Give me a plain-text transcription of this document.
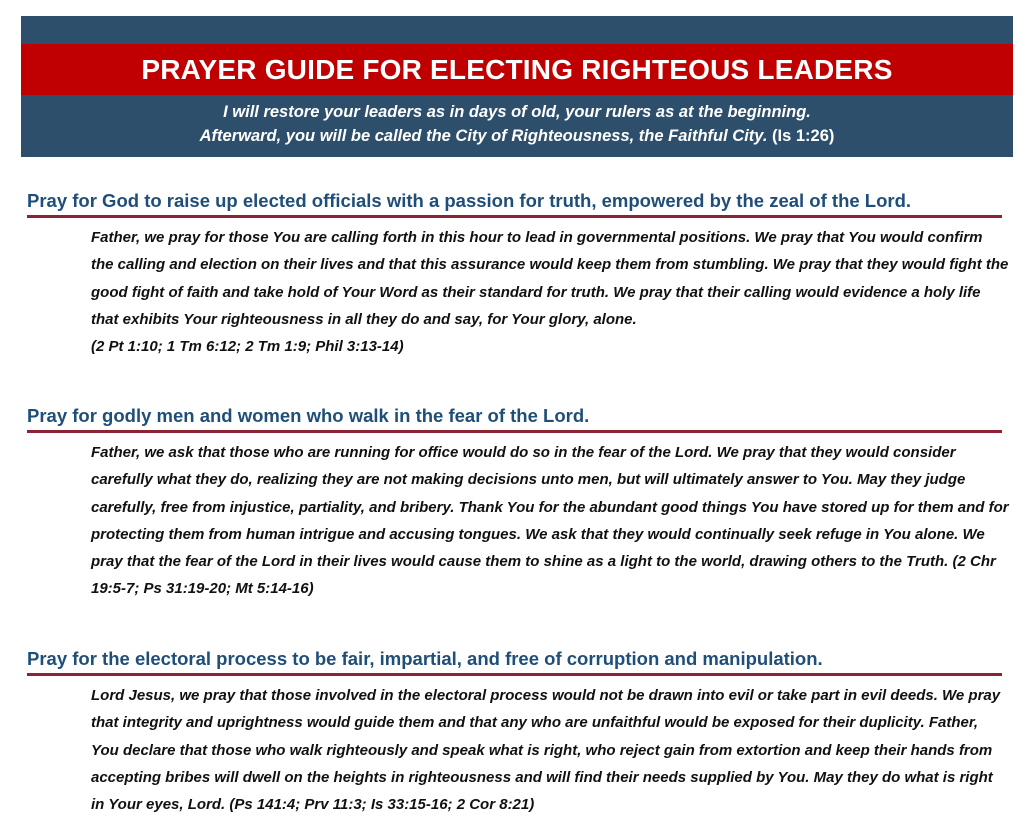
PRAYER GUIDE FOR ELECTING RIGHTEOUS LEADERS
I will restore your leaders as in days of old, your rulers as at the beginning.
Afterward, you will be called the City of Righteousness, the Faithful City. (Is 1:26)
Pray for God to raise up elected officials with a passion for truth, empowered by the zeal of the Lord.

Father, we pray for those You are calling forth in this hour to lead in governmental positions. We pray that You would confirm the calling and election on their lives and that this assurance would keep them from stumbling. We pray that they would fight the good fight of faith and take hold of Your Word as their standard for truth. We pray that their calling would evidence a holy life that exhibits Your righteousness in all they do and say, for Your glory, alone.

(2 Pt 1:10; 1 Tm 6:12; 2 Tm 1:9; Phil 3:13-14)

Pray for godly men and women who walk in the fear of the Lord.

Father, we ask that those who are running for office would do so in the fear of the Lord. We pray that they would consider carefully what they do, realizing they are not making decisions unto men, but will ultimately answer to You. May they judge carefully, free from injustice, partiality, and bribery. Thank You for the abundant good things You have stored up for them and for protecting them from human intrigue and accusing tongues. We ask that they would continually seek refuge in You alone. We pray that the fear of the Lord in their lives would cause them to shine as a light to the world, drawing others to the Truth. (2 Chr 19:5-7; Ps 31:19-20; Mt 5:14-16)

Pray for the electoral process to be fair, impartial, and free of corruption and manipulation.

Lord Jesus, we pray that those involved in the electoral process would not be drawn into evil or take part in evil deeds. We pray that integrity and uprightness would guide them and that any who are unfaithful would be exposed for their duplicity. Father, You declare that those who walk righteously and speak what is right, who reject gain from extortion and keep their hands from accepting bribes will dwell on the heights in righteousness and will find their needs supplied by You. May they do what is right in Your eyes, Lord. (Ps 141:4; Prv 11:3; Is 33:15-16; 2 Cor 8:21)
